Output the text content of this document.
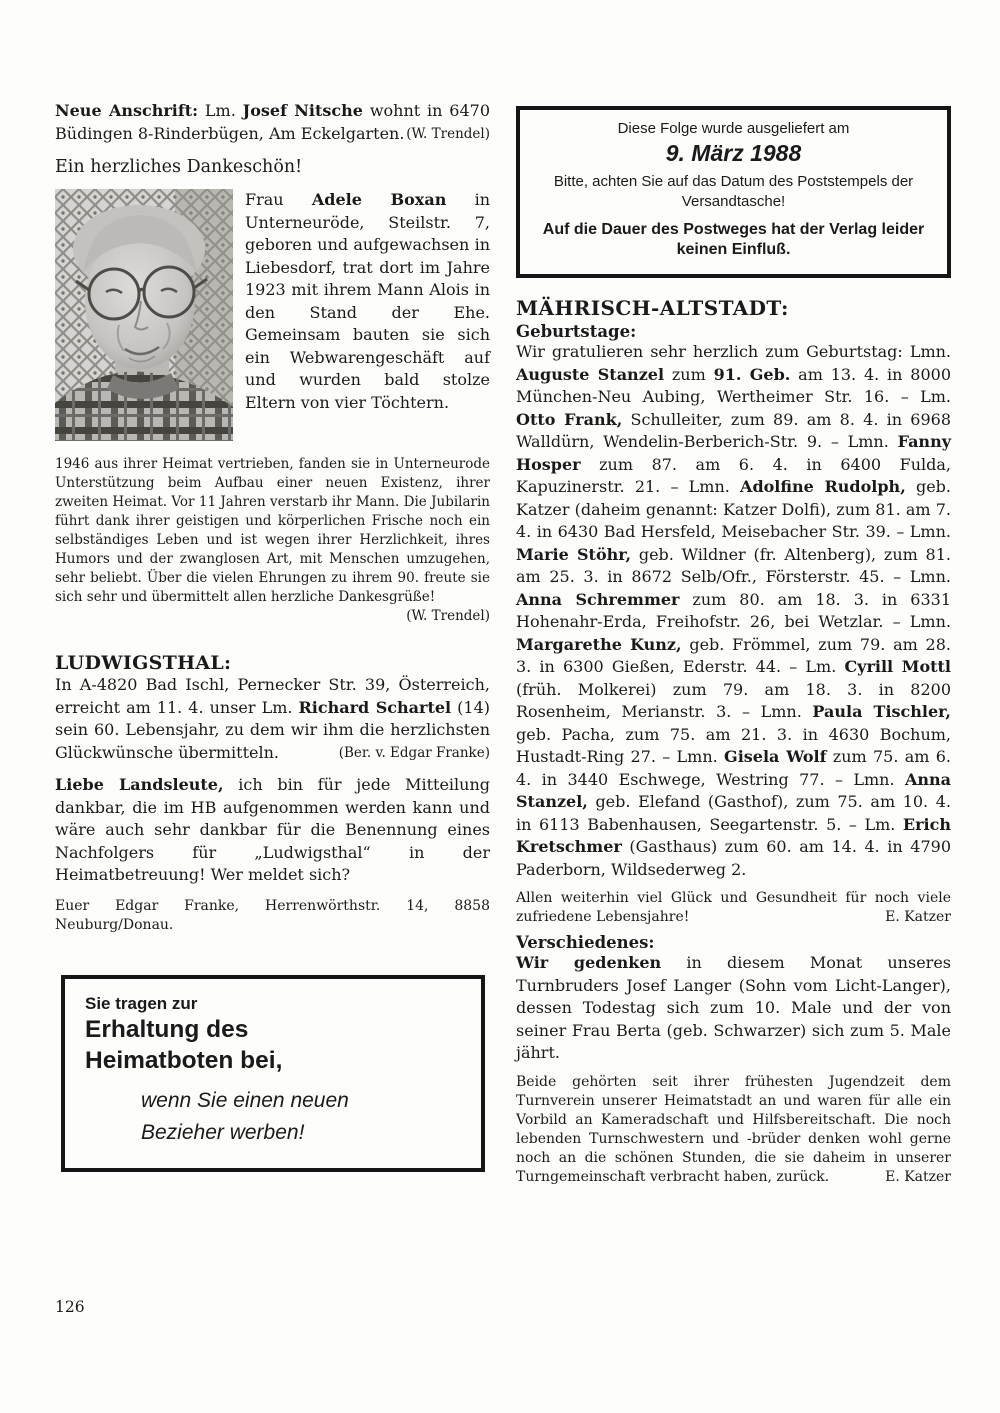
Neue Anschrift: Lm. Josef Nitsche wohnt in 6470 Büdingen 8-Rinderbügen, Am Eckelgarten. (W. Trendel)

Ein herzliches Dankeschön!

Frau Adele Boxan in Unterneuröde, Steilstr. 7, geboren und aufgewachsen in Liebesdorf, trat dort im Jahre 1923 mit ihrem Mann Alois in den Stand der Ehe. Gemeinsam bauten sie sich ein Webwarengeschäft auf und wurden bald stolze Eltern von vier Töchtern.

1946 aus ihrer Heimat vertrieben, fanden sie in Unterneurode Unterstützung beim Aufbau einer neuen Existenz, ihrer zweiten Heimat. Vor 11 Jahren verstarb ihr Mann. Die Jubilarin führt dank ihrer geistigen und körperlichen Frische noch ein selbständiges Leben und ist wegen ihrer Herzlichkeit, ihres Humors und der zwanglosen Art, mit Menschen umzugehen, sehr beliebt. Über die vielen Ehrungen zu ihrem 90. freute sie sich sehr und übermittelt allen herzliche Dankesgrüße!

(W. Trendel)

LUDWIGSTHAL:

In A-4820 Bad Ischl, Pernecker Str. 39, Österreich, erreicht am 11. 4. unser Lm. Richard Schartel (14) sein 60. Lebensjahr, zu dem wir ihm die herzlichsten Glückwünsche übermitteln.	(Ber. v. Edgar Franke)

Liebe Landsleute, ich bin für jede Mitteilung dankbar, die im HB aufgenommen werden kann und wäre auch sehr dankbar für die Benennung eines Nachfolgers für „Ludwigsthal“ in der Heimatbetreuung! Wer meldet sich?

Euer Edgar Franke, Herrenwörthstr. 14, 8858 Neuburg/Donau.

Sie tragen zur
Erhaltung des
Heimatboten bei,
wenn Sie einen neuen
Bezieher werben!
Diese Folge wurde ausgeliefert am
9. März 1988
Bitte, achten Sie auf das Datum des Poststempels der Versandtasche!
Auf die Dauer des Postweges hat der Verlag leider keinen Einfluß.

MÄHRISCH-ALTSTADT:

Geburtstage:

Wir gratulieren sehr herzlich zum Geburtstag: Lmn. Auguste Stanzel zum 91. Geb. am 13. 4. in 8000 München-Neu Aubing, Wertheimer Str. 16. – Lm. Otto Frank, Schulleiter, zum 89. am 8. 4. in 6968 Walldürn, Wendelin-Berberich-Str. 9. – Lmn. Fanny Hosper zum 87. am 6. 4. in 6400 Fulda, Kapuzinerstr. 21. – Lmn. Adolfine Rudolph, geb. Katzer (daheim genannt: Katzer Dolfi), zum 81. am 7. 4. in 6430 Bad Hersfeld, Meisebacher Str. 39. – Lmn. Marie Stöhr, geb. Wildner (fr. Altenberg), zum 81. am 25. 3. in 8672 Selb/Ofr., Försterstr. 45. – Lmn. Anna Schremmer zum 80. am 18. 3. in 6331 Hohenahr-Erda, Freihofstr. 26, bei Wetzlar. – Lmn. Margarethe Kunz, geb. Frömmel, zum 79. am 28. 3. in 6300 Gießen, Ederstr. 44. – Lm. Cyrill Mottl (früh. Molkerei) zum 79. am 18. 3. in 8200 Rosenheim, Merianstr. 3. – Lmn. Paula Tischler, geb. Pacha, zum 75. am 21. 3. in 4630 Bochum, Hustadt-Ring 27. – Lmn. Gisela Wolf zum 75. am 6. 4. in 3440 Eschwege, Westring 77. – Lmn. Anna Stanzel, geb. Elefand (Gasthof), zum 75. am 10. 4. in 6113 Babenhausen, Seegartenstr. 5. – Lm. Erich Kretschmer (Gasthaus) zum 60. am 14. 4. in 4790 Paderborn, Wildsederweg 2.

Allen weiterhin viel Glück und Gesundheit für noch viele zufriedene Lebensjahre!	E. Katzer

Verschiedenes:

Wir gedenken in diesem Monat unseres Turnbruders Josef Langer (Sohn vom Licht-Langer), dessen Todestag sich zum 10. Male und der von seiner Frau Berta (geb. Schwarzer) sich zum 5. Male jährt.

Beide gehörten seit ihrer frühesten Jugendzeit dem Turnverein unserer Heimatstadt an und waren für alle ein Vorbild an Kameradschaft und Hilfsbereitschaft. Die noch lebenden Turnschwestern und -brüder denken wohl gerne noch an die schönen Stunden, die sie daheim in unserer Turngemeinschaft verbracht haben, zurück.	E. Katzer

126
